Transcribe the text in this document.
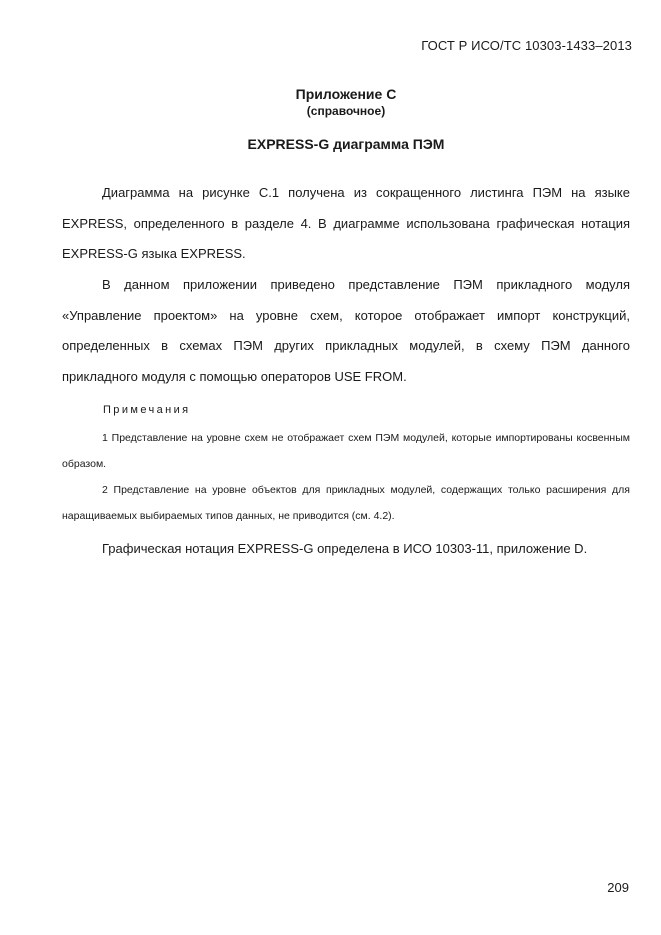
ГОСТ Р ИСО/ТС 10303-1433–2013
Приложение С
(справочное)
EXPRESS-G диаграмма ПЭМ

Диаграмма на рисунке С.1 получена из сокращенного листинга ПЭМ на языке EXPRESS, определенного в разделе 4. В диаграмме использована графическая нотация EXPRESS-G языка EXPRESS.

В данном приложении приведено представление ПЭМ прикладного модуля «Управление проектом» на уровне схем, которое отображает импорт конструкций, определенных в схемах ПЭМ других прикладных модулей, в схему ПЭМ данного прикладного модуля с помощью операторов USE FROM.

Примечания

1 Представление на уровне схем не отображает схем ПЭМ модулей, которые импортированы косвенным образом.

2 Представление на уровне объектов для прикладных модулей, содержащих только расширения для наращиваемых выбираемых типов данных, не приводится (см. 4.2).

Графическая нотация EXPRESS-G определена в ИСО 10303-11, приложение D.

209
